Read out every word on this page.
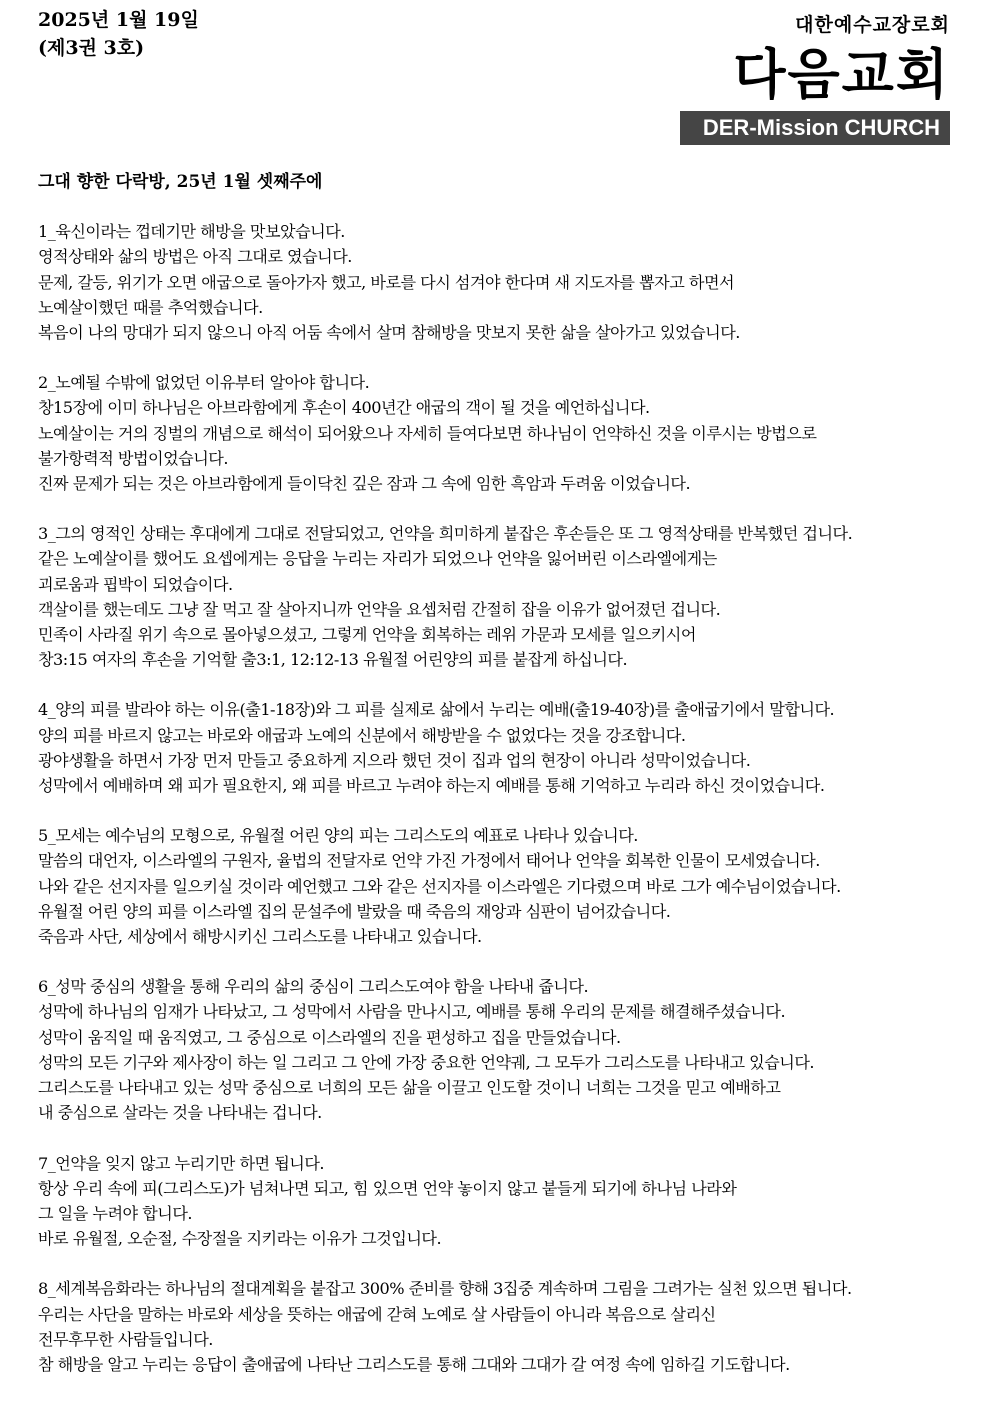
2025년 1월 19일
(제3권 3호)
대한예수교장로회
다음교회
DER-Mission CHURCH
그대 향한 다락방, 25년 1월 셋째주에
1_육신이라는 껍데기만 해방을 맛보았습니다.
영적상태와 삶의 방법은 아직 그대로 였습니다.
문제, 갈등, 위기가 오면 애굽으로 돌아가자 했고, 바로를 다시 섬겨야 한다며 새 지도자를 뽑자고 하면서
노예살이했던 때를 추억했습니다.
복음이 나의 망대가 되지 않으니 아직 어둠 속에서 살며 참해방을 맛보지 못한 삶을 살아가고 있었습니다.
2_노예될 수밖에 없었던 이유부터 알아야 합니다.
창15장에 이미 하나님은 아브라함에게 후손이 400년간 애굽의 객이 될 것을 예언하십니다.
노예살이는 거의 징벌의 개념으로 해석이 되어왔으나 자세히 들여다보면 하나님이 언약하신 것을 이루시는 방법으로
불가항력적 방법이었습니다.
진짜 문제가 되는 것은 아브라함에게 들이닥친 깊은 잠과 그 속에 임한 흑암과 두려움 이었습니다.
3_그의 영적인 상태는 후대에게 그대로 전달되었고, 언약을 희미하게 붙잡은 후손들은 또 그 영적상태를 반복했던 겁니다.
같은 노예살이를 했어도 요셉에게는 응답을 누리는 자리가 되었으나 언약을 잃어버린 이스라엘에게는
괴로움과 핍박이 되었습이다.
객살이를 했는데도 그냥 잘 먹고 잘 살아지니까 언약을 요셉처럼 간절히 잡을 이유가 없어졌던 겁니다.
민족이 사라질 위기 속으로 몰아넣으셨고, 그렇게 언약을 회복하는 레위 가문과 모세를 일으키시어
창3:15 여자의 후손을 기억할 출3:1, 12:12-13 유월절 어린양의 피를 붙잡게 하십니다.
4_양의 피를 발라야 하는 이유(출1-18장)와 그 피를 실제로 삶에서 누리는 예배(출19-40장)를 출애굽기에서 말합니다.
양의 피를 바르지 않고는 바로와 애굽과 노예의 신분에서 해방받을 수 없었다는 것을 강조합니다.
광야생활을 하면서 가장 먼저 만들고 중요하게 지으라 했던 것이 집과 업의 현장이 아니라 성막이었습니다.
성막에서 예배하며 왜 피가 필요한지, 왜 피를 바르고 누려야 하는지 예배를 통해 기억하고 누리라 하신 것이었습니다.
5_모세는 예수님의 모형으로, 유월절 어린 양의 피는 그리스도의 예표로 나타나 있습니다.
말씀의 대언자, 이스라엘의 구원자, 율법의 전달자로 언약 가진 가정에서 태어나 언약을 회복한 인물이 모세였습니다.
나와 같은 선지자를 일으키실 것이라 예언했고 그와 같은 선지자를 이스라엘은 기다렸으며 바로 그가 예수님이었습니다.
유월절 어린 양의 피를 이스라엘 집의 문설주에 발랐을 때 죽음의 재앙과 심판이 넘어갔습니다.
죽음과 사단, 세상에서 해방시키신 그리스도를 나타내고 있습니다.
6_성막 중심의 생활을 통해 우리의 삶의 중심이 그리스도여야 함을 나타내 줍니다.
성막에 하나님의 임재가 나타났고, 그 성막에서 사람을 만나시고, 예배를 통해 우리의 문제를 해결해주셨습니다.
성막이 움직일 때 움직였고, 그 중심으로 이스라엘의 진을 편성하고 집을 만들었습니다.
성막의 모든 기구와 제사장이 하는 일 그리고 그 안에 가장 중요한 언약궤, 그 모두가 그리스도를 나타내고 있습니다.
그리스도를 나타내고 있는 성막 중심으로 너희의 모든 삶을 이끌고 인도할 것이니 너희는 그것을 믿고 예배하고
내 중심으로 살라는 것을 나타내는 겁니다.
7_언약을 잊지 않고 누리기만 하면 됩니다.
항상 우리 속에 피(그리스도)가 넘쳐나면 되고, 힘 있으면 언약 놓이지 않고 붙들게 되기에 하나님 나라와
그 일을 누려야 합니다.
바로 유월절, 오순절, 수장절을 지키라는 이유가 그것입니다.
8_세계복음화라는 하나님의 절대계획을 붙잡고 300% 준비를 향해 3집중 계속하며 그림을 그려가는 실천 있으면 됩니다.
우리는 사단을 말하는 바로와 세상을 뜻하는 애굽에 갇혀 노예로 살 사람들이 아니라 복음으로 살리신
전무후무한 사람들입니다.
참 해방을 알고 누리는 응답이 출애굽에 나타난 그리스도를 통해 그대와 그대가 갈 여정 속에 임하길 기도합니다.
